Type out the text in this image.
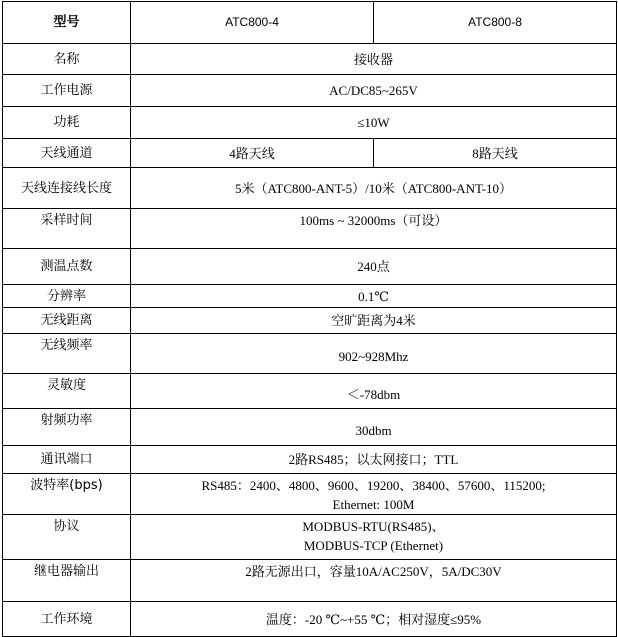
型号	ATC800-4	ATC800-8
名称	接收器	
工作电源	AC/DC85~265V	
功耗	≤10W	
天线通道	4路天线	8路天线
天线连接线长度	5米（ATC800-ANT-5）/10米（ATC800-ANT-10）	
采样时间	100ms ~ 32000ms（可设）	
测温点数	240点	
分辨率	0.1℃	
无线距离	空旷距离为4米	
无线频率	902~928Mhz	
灵敏度	＜-78dbm	
射频功率	30dbm	
通讯端口	2路RS485；以太网接口；TTL	
波特率(bps)	RS485：2400、4800、9600、19200、38400、57600、115200;
Ethernet: 100M	

协议	MODBUS-RTU(RS485)、
MODBUS-TCP (Ethernet)	

继电器输出	2路无源出口，容量10A/AC250V，5A/DC30V	
工作环境	温度：-20 ℃~+55 ℃；相对湿度≤95%	
